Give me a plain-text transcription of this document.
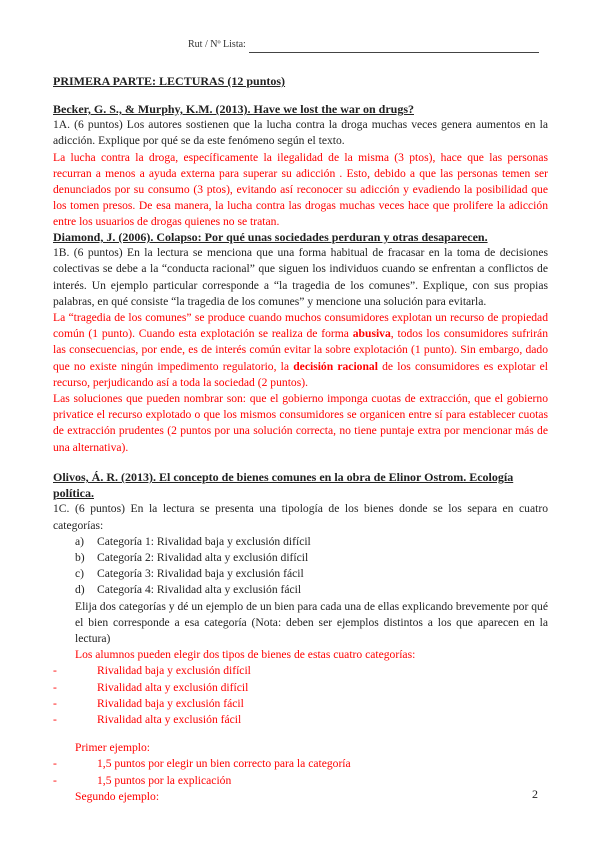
Rut / Nº Lista:
PRIMERA PARTE: LECTURAS (12 puntos)
Becker, G. S., & Murphy, K.M. (2013). Have we lost the war on drugs?

1A. (6 puntos) Los autores sostienen que la lucha contra la droga muchas veces genera aumentos en la adicción. Explique por qué se da este fenómeno según el texto.

La lucha contra la droga, específicamente la ilegalidad de la misma (3 ptos), hace que las personas recurran a menos a ayuda externa para superar su adicción . Esto, debido a que las personas temen ser denunciados por su consumo (3 ptos), evitando así reconocer su adicción y evadiendo la posibilidad que los tomen presos. De esa manera, la lucha contra las drogas muchas veces hace que prolifere la adicción entre los usuarios de drogas quienes no se tratan.

Diamond, J. (2006). Colapso: Por qué unas sociedades perduran y otras desaparecen.

1B. (6 puntos) En la lectura se menciona que una forma habitual de fracasar en la toma de decisiones colectivas se debe a la “conducta racional” que siguen los individuos cuando se enfrentan a conflictos de interés. Un ejemplo particular corresponde a “la tragedia de los comunes”. Explique, con sus propias palabras, en qué consiste “la tragedia de los comunes” y mencione una solución para evitarla.

La “tragedia de los comunes” se produce cuando muchos consumidores explotan un recurso de propiedad común (1 punto). Cuando esta explotación se realiza de forma abusiva, todos los consumidores sufrirán las consecuencias, por ende, es de interés común evitar la sobre explotación (1 punto). Sin embargo, dado que no existe ningún impedimento regulatorio, la decisión racional de los consumidores es explotar el recurso, perjudicando así a toda la sociedad (2 puntos).

Las soluciones que pueden nombrar son: que el gobierno imponga cuotas de extracción, que el gobierno privatice el recurso explotado o que los mismos consumidores se organicen entre sí para establecer cuotas de extracción prudentes (2 puntos por una solución correcta, no tiene puntaje extra por mencionar más de una alternativa).

Olivos, Á. R. (2013). El concepto de bienes comunes en la obra de Elinor Ostrom. Ecología política.

1C. (6 puntos) En la lectura se presenta una tipología de los bienes donde se los separa en cuatro categorías:

a)	Categoría 1: Rivalidad baja y exclusión difícil
b)	Categoría 2: Rivalidad alta y exclusión difícil
c)	Categoría 3: Rivalidad baja y exclusión fácil
d)	Categoría 4: Rivalidad alta y exclusión fácil

Elija dos categorías y dé un ejemplo de un bien para cada una de ellas explicando brevemente por qué el bien corresponde a esa categoría (Nota: deben ser ejemplos distintos a los que aparecen en la lectura)

Los alumnos pueden elegir dos tipos de bienes de estas cuatro categorías:

-	Rivalidad baja y exclusión difícil
-	Rivalidad alta y exclusión difícil
-	Rivalidad baja y exclusión fácil
-	Rivalidad alta y exclusión fácil

Primer ejemplo:

-	1,5 puntos por elegir un bien correcto para la categoría
-	1,5 puntos por la explicación

Segundo ejemplo:	2
